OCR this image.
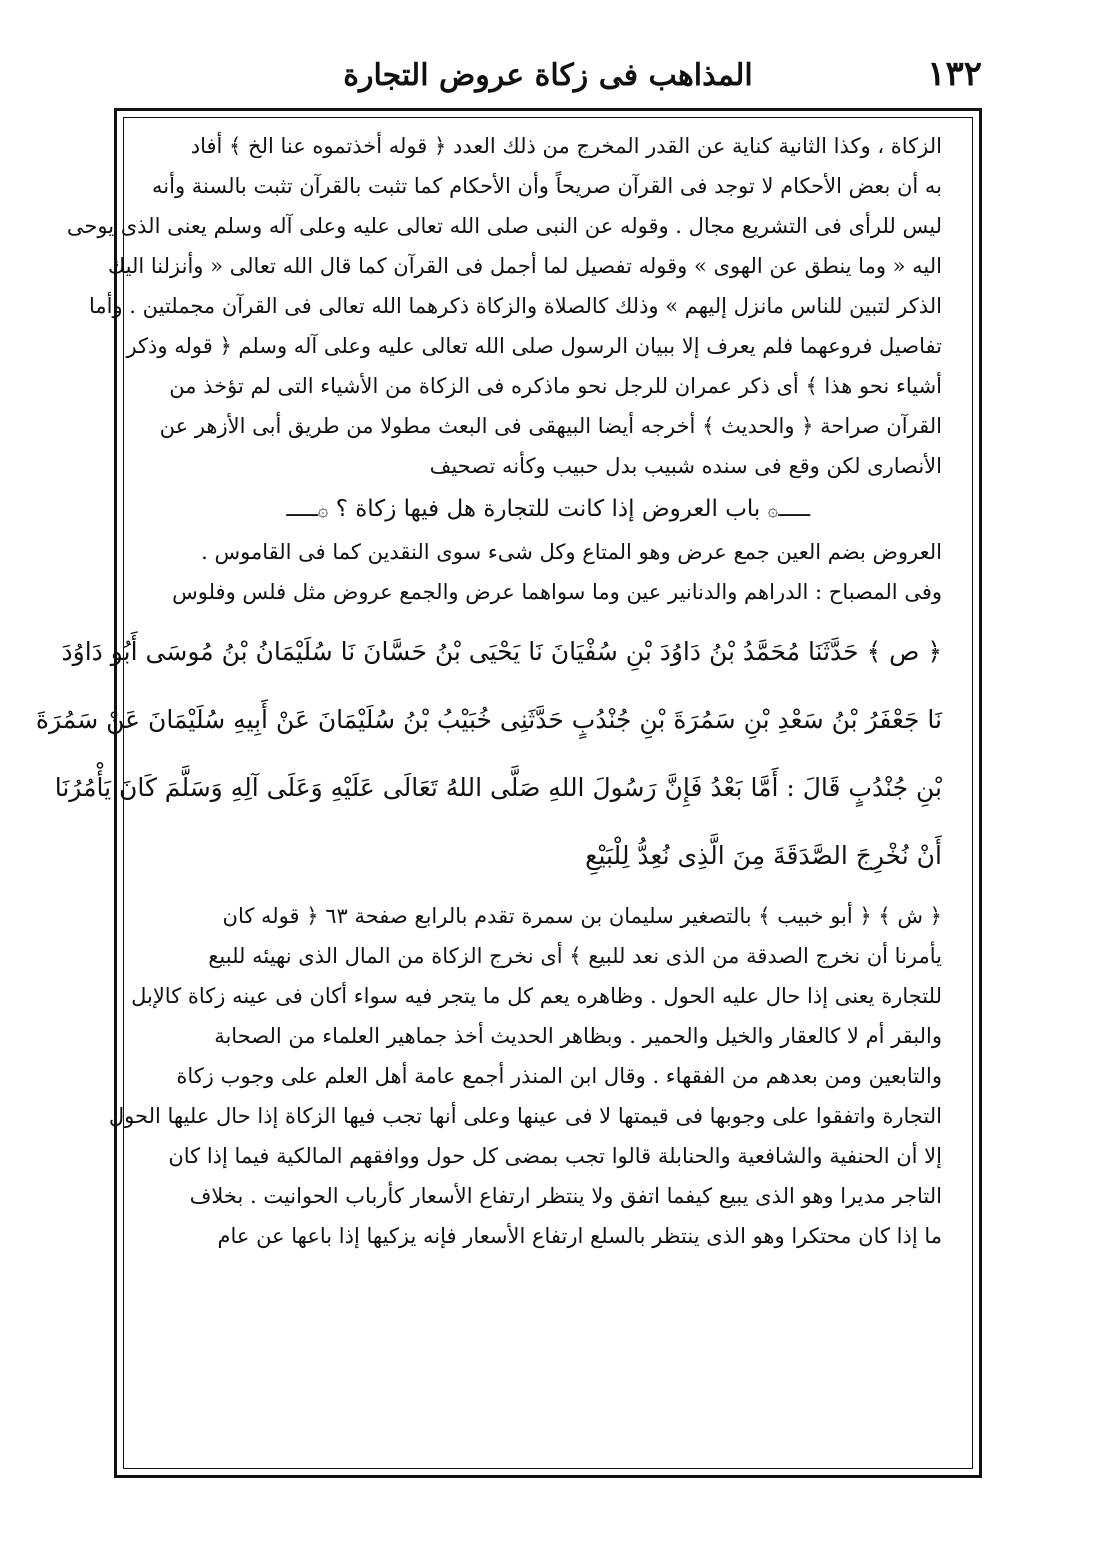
١٣٢
المذاهب فى زكاة عروض التجارة
الزكاة ، وكذا الثانية كناية عن القدر المخرج من ذلك العدد ﴿ قوله أخذتموه عنا الخ ﴾ أفاد
به أن بعض الأحكام لا توجد فى القرآن صريحاً وأن الأحكام كما تثبت بالقرآن تثبت بالسنة وأنه
ليس للرأى فى التشريع مجال . وقوله عن النبى صلى الله تعالى عليه وعلى آله وسلم يعنى الذى يوحى
اليه « وما ينطق عن الهوى » وقوله تفصيل لما أجمل فى القرآن كما قال الله تعالى « وأنزلنا اليك
الذكر لتبين للناس مانزل إليهم » وذلك كالصلاة والزكاة ذكرهما الله تعالى فى القرآن مجملتين . وأما
تفاصيل فروعهما فلم يعرف إلا ببيان الرسول صلى الله تعالى عليه وعلى آله وسلم ﴿ قوله وذكر
أشياء نحو هذا ﴾ أى ذكر عمران للرجل نحو ماذكره فى الزكاة من الأشياء التى لم تؤخذ من
القرآن صراحة ﴿ والحديث ﴾ أخرجه أيضا البيهقى فى البعث مطولا من طريق أبى الأزهر عن
الأنصارى لكن وقع فى سنده شبيب بدل حبيب وكأنه تصحيف
ـــ۞ باب العروض إذا كانت للتجارة هل فيها زكاة ؟ ۞ـــ
العروض بضم العين جمع عرض وهو المتاع وكل شىء سوى النقدين كما فى القاموس .
وفى المصباح : الدراهم والدنانير عين وما سواهما عرض والجمع عروض مثل فلس وفلوس
﴿ ص ﴾ حَدَّثَنَا مُحَمَّدُ بْنُ دَاوُدَ بْنِ سُفْيَانَ نَا يَحْيَى بْنُ حَسَّانَ نَا سُلَيْمَانُ بْنُ مُوسَى أَبُو دَاوُدَ
نَا جَعْفَرُ بْنُ سَعْدِ بْنِ سَمُرَةَ بْنِ جُنْدُبٍ حَدَّثَنِى خُبَيْبُ بْنُ سُلَيْمَانَ عَنْ أَبِيهِ سُلَيْمَانَ عَنْ سَمُرَةَ
بْنِ جُنْدُبٍ قَالَ : أَمَّا بَعْدُ فَإِنَّ رَسُولَ اللهِ صَلَّى اللهُ تَعَالَى عَلَيْهِ وَعَلَى آلِهِ وَسَلَّمَ كَانَ يَأْمُرُنَا
أَنْ نُخْرِجَ الصَّدَقَةَ مِنَ الَّذِى نُعِدُّ لِلْبَيْعِ
﴿ ش ﴾ ﴿ أبو خبيب ﴾ بالتصغير سليمان بن سمرة تقدم بالرابع صفحة ٦٣ ﴿ قوله كان
يأمرنا أن نخرج الصدقة من الذى نعد للبيع ﴾ أى نخرج الزكاة من المال الذى نهيئه للبيع
للتجارة يعنى إذا حال عليه الحول . وظاهره يعم كل ما يتجر فيه سواء أكان فى عينه زكاة كالإبل
والبقر أم لا كالعقار والخيل والحمير . وبظاهر الحديث أخذ جماهير العلماء من الصحابة
والتابعين ومن بعدهم من الفقهاء . وقال ابن المنذر أجمع عامة أهل العلم على وجوب زكاة
التجارة واتفقوا على وجوبها فى قيمتها لا فى عينها وعلى أنها تجب فيها الزكاة إذا حال عليها الحول
إلا أن الحنفية والشافعية والحنابلة قالوا تجب بمضى كل حول ووافقهم المالكية فيما إذا كان
التاجر مديرا وهو الذى يبيع كيفما اتفق ولا ينتظر ارتفاع الأسعار كأرباب الحوانيت . بخلاف
ما إذا كان محتكرا وهو الذى ينتظر بالسلع ارتفاع الأسعار فإنه يزكيها إذا باعها عن عام
